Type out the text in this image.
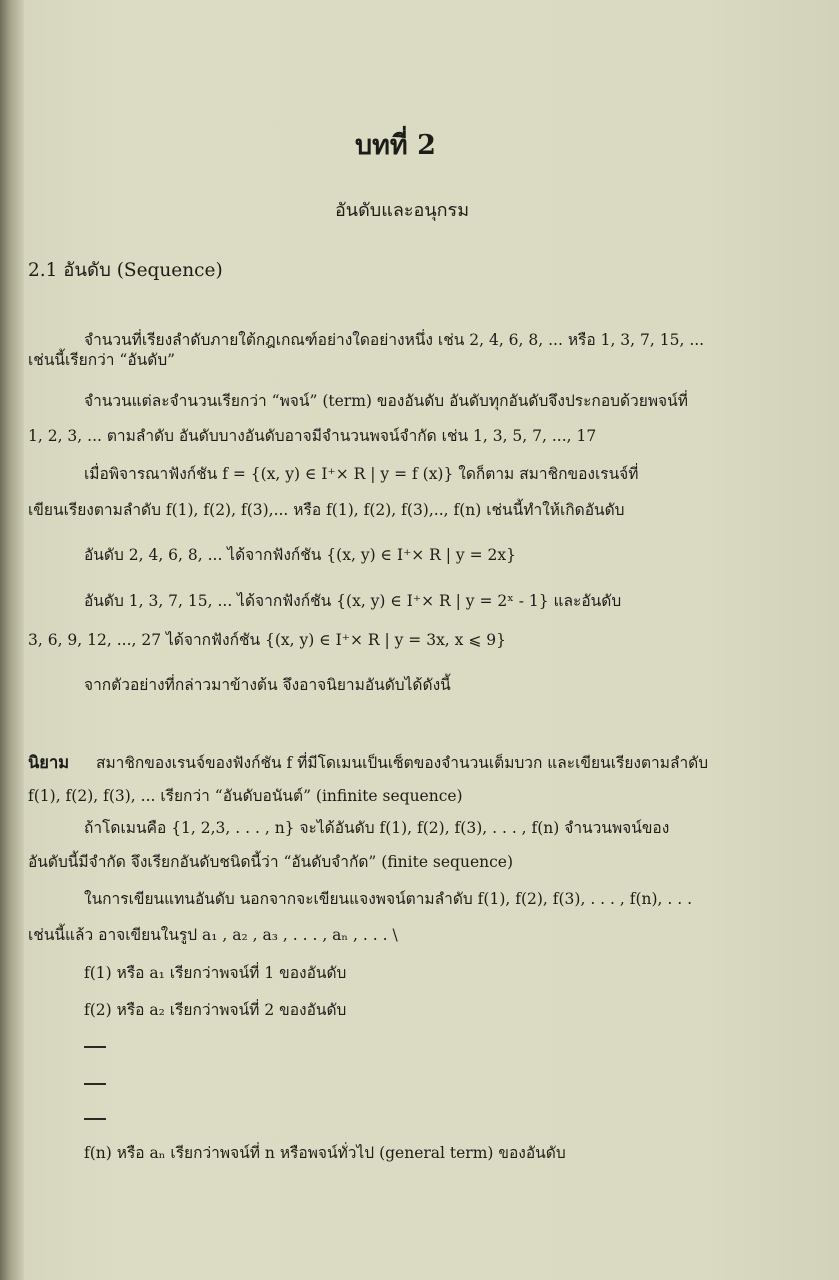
บทที่ 2
อันดับและอนุกรม
2.1 อันดับ (Sequence)
จำนวนที่เรียงลำดับภายใต้กฎเกณฑ์อย่างใดอย่างหนึ่ง เช่น 2, 4, 6, 8, ... หรือ 1, 3, 7, 15, ...
เช่นนี้เรียกว่า “อันดับ”
จำนวนแต่ละจำนวนเรียกว่า “พจน์” (term) ของอันดับ อันดับทุกอันดับจึงประกอบด้วยพจน์ที่
1, 2, 3, ... ตามลำดับ อันดับบางอันดับอาจมีจำนวนพจน์จำกัด เช่น 1, 3, 5, 7, ..., 17
เมื่อพิจารณาฟังก์ชัน f = {(x, y) ∈ I⁺× R | y = f (x)} ใดก็ตาม สมาชิกของเรนจ์ที่
เขียนเรียงตามลำดับ f(1), f(2), f(3),... หรือ f(1), f(2), f(3),.., f(n) เช่นนี้ทำให้เกิดอันดับ
อันดับ 2, 4, 6, 8, ... ได้จากฟังก์ชัน {(x, y) ∈ I⁺× R | y = 2x}
อันดับ 1, 3, 7, 15, ... ได้จากฟังก์ชัน {(x, y) ∈ I⁺× R | y = 2ˣ - 1} และอันดับ
3, 6, 9, 12, ..., 27 ได้จากฟังก์ชัน {(x, y) ∈ I⁺× R | y = 3x, x ⩽ 9}
จากตัวอย่างที่กล่าวมาข้างต้น จึงอาจนิยามอันดับได้ดังนี้
นิยาม สมาชิกของเรนจ์ของฟังก์ชัน f ที่มีโดเมนเป็นเซ็ตของจำนวนเต็มบวก และเขียนเรียงตามลำดับ
f(1), f(2), f(3), ... เรียกว่า “อันดับอนันต์” (infinite sequence)
ถ้าโดเมนคือ {1, 2,3, . . . , n} จะได้อันดับ f(1), f(2), f(3), . . . , f(n) จำนวนพจน์ของ
อันดับนี้มีจำกัด จึงเรียกอันดับชนิดนี้ว่า “อันดับจำกัด” (finite sequence)
ในการเขียนแทนอันดับ นอกจากจะเขียนแจงพจน์ตามลำดับ f(1), f(2), f(3), . . . , f(n), . . .
เช่นนี้แล้ว อาจเขียนในรูป a₁ , a₂ , a₃ , . . . , aₙ , . . . \
f(1) หรือ a₁ เรียกว่าพจน์ที่ 1 ของอันดับ
f(2) หรือ a₂ เรียกว่าพจน์ที่ 2 ของอันดับ
f(n) หรือ aₙ เรียกว่าพจน์ที่ n หรือพจน์ทั่วไป (general term) ของอันดับ
